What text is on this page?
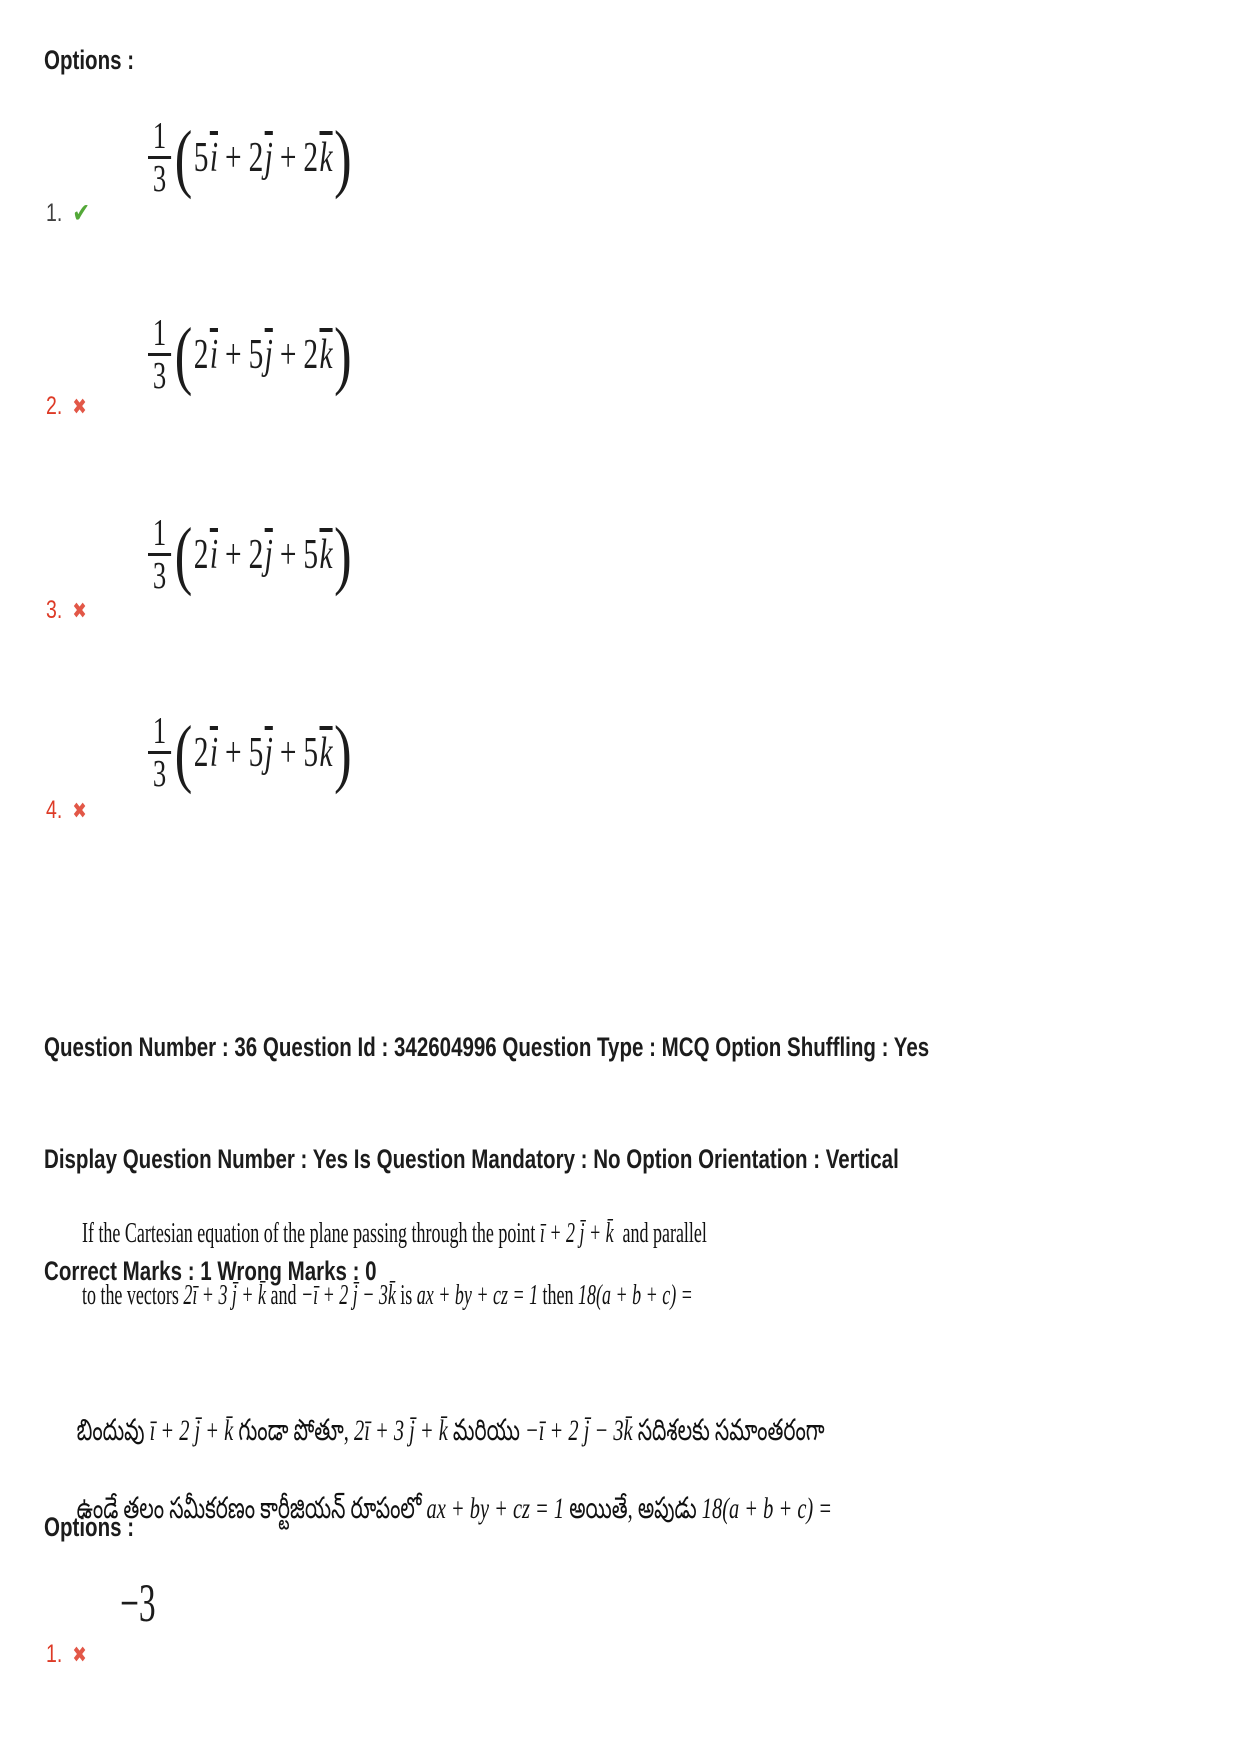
Options :
$\frac{1}{3}$ ( 5 $\overline{i} + 2$ $\overline{j} + 2$ $\overline{k}$ )
1. ✔
$\frac{1}{3}$ ( 2 $\overline{i} + 5$ $\overline{j} + 2$ $\overline{k}$ )
2. ✖
$\frac{1}{3}$ ( 2 $\overline{i} + 2$ $\overline{j} + 5$ $\overline{k}$ )
3. ✖
$\frac{1}{3}$ ( 2 $\overline{i} + 5$ $\overline{j} + 5$ $\overline{k}$ )
4. ✖

Question Number : 36 Question Id : 342604996 Question Type : MCQ Option Shuffling : Yes

Display Question Number : Yes Is Question Mandatory : No Option Orientation : Vertical

Correct Marks : 1 Wrong Marks : 0

If the Cartesian equation of the plane passing through the point ī + 2 j̄ + k̄  and parallel

to the vectors 2ī + 3 j̄ + k̄ and −ī + 2 j̄ − 3k̄ is ax + by + cz = 1 then 18(a + b + c) =

బిందువు ī + 2 j̄ + k̄ గుండా పోతూ, 2ī + 3 j̄ + k̄ మరియు −ī + 2 j̄ − 3k̄ సదిశలకు సమాంతరంగా

ఉండే తలం సమీకరణం కార్టీజియన్ రూపంలో ax + by + cz = 1 అయితే, అపుడు 18(a + b + c) =

Options :
−3
1. ✖
